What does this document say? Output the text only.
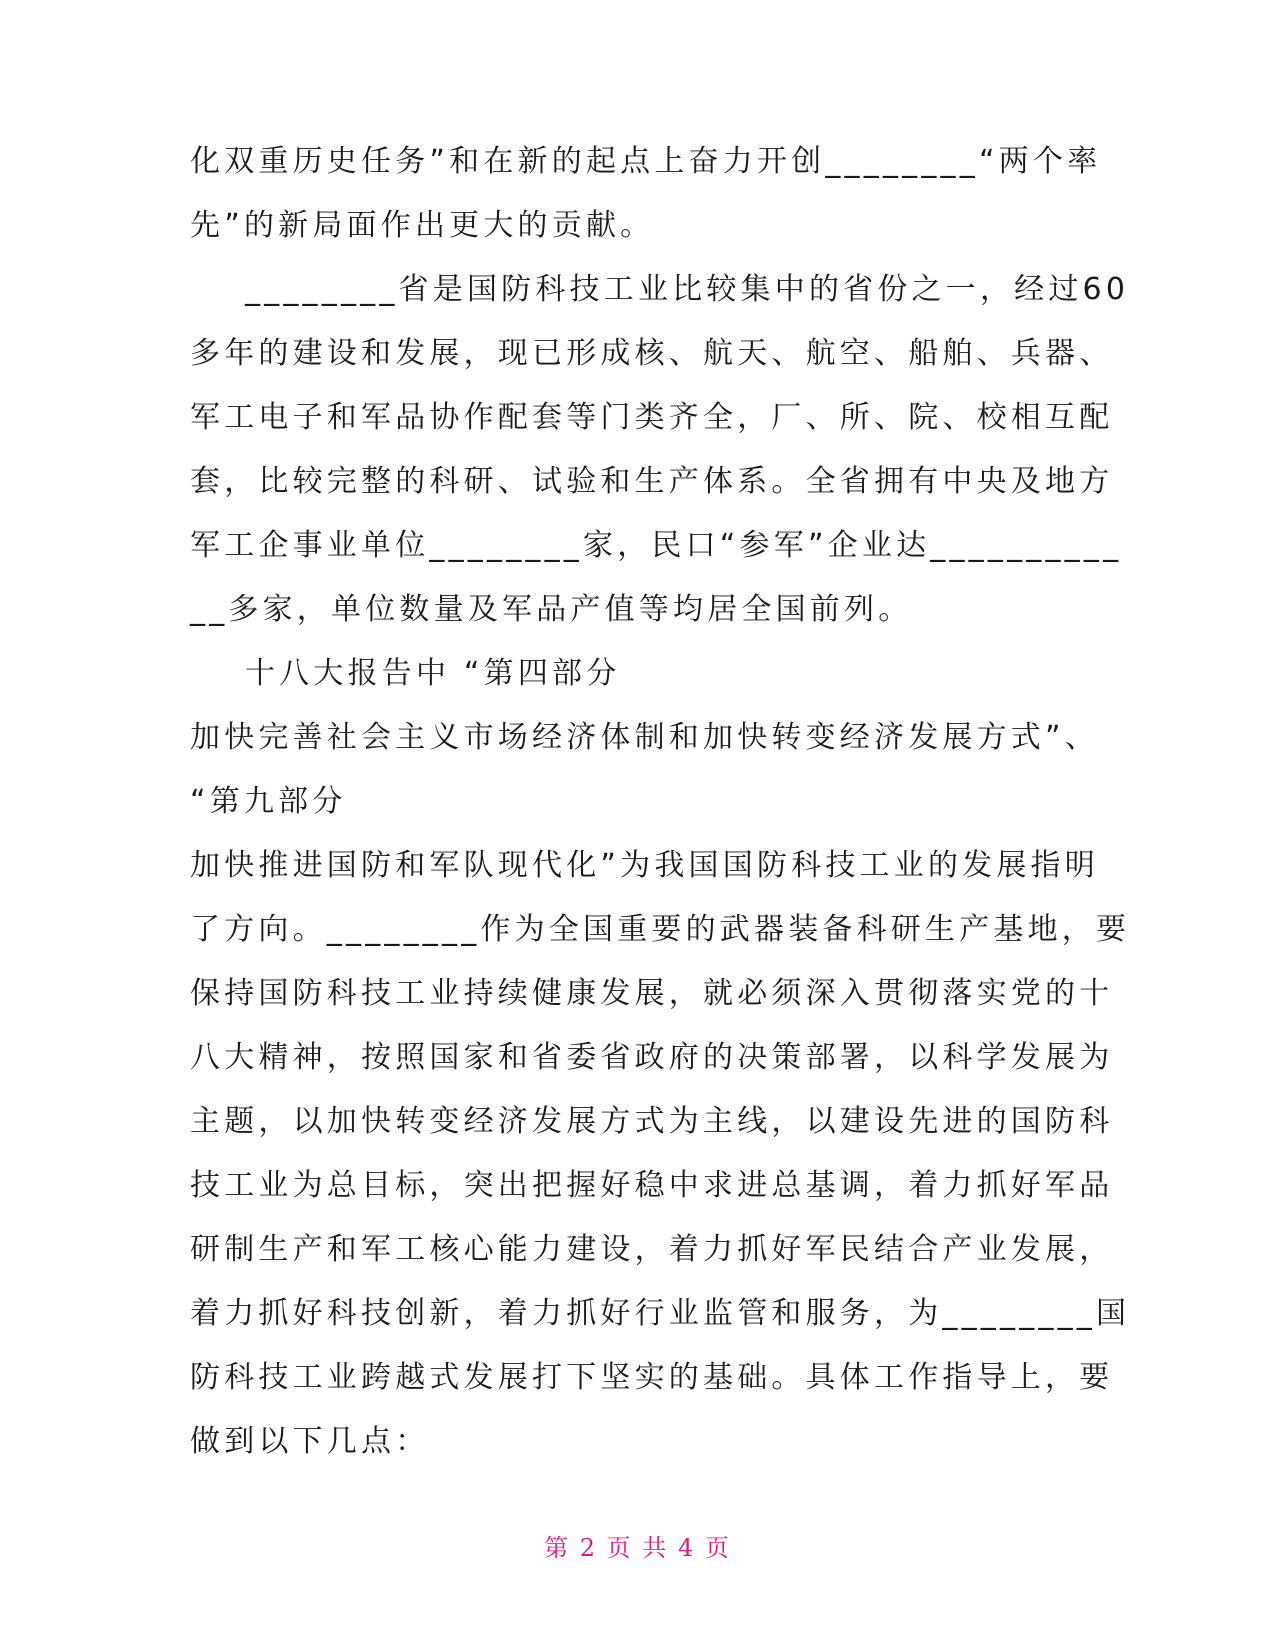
化双重历史任务”和在新的起点上奋力开创________“两个率
先”的新局面作出更大的贡献。
________省是国防科技工业比较集中的省份之一，经过60
多年的建设和发展，现已形成核、航天、航空、船舶、兵器、
军工电子和军品协作配套等门类齐全，厂、所、院、校相互配
套，比较完整的科研、试验和生产体系。全省拥有中央及地方
军工企事业单位________家，民口“参军”企业达__________
__多家，单位数量及军品产值等均居全国前列。
十八大报告中 “第四部分
加快完善社会主义市场经济体制和加快转变经济发展方式”、
“第九部分
加快推进国防和军队现代化”为我国国防科技工业的发展指明
了方向。________作为全国重要的武器装备科研生产基地，要
保持国防科技工业持续健康发展，就必须深入贯彻落实党的十
八大精神，按照国家和省委省政府的决策部署，以科学发展为
主题，以加快转变经济发展方式为主线，以建设先进的国防科
技工业为总目标，突出把握好稳中求进总基调，着力抓好军品
研制生产和军工核心能力建设，着力抓好军民结合产业发展，
着力抓好科技创新，着力抓好行业监管和服务，为________国
防科技工业跨越式发展打下坚实的基础。具体工作指导上，要
做到以下几点：
第 2 页 共 4 页
